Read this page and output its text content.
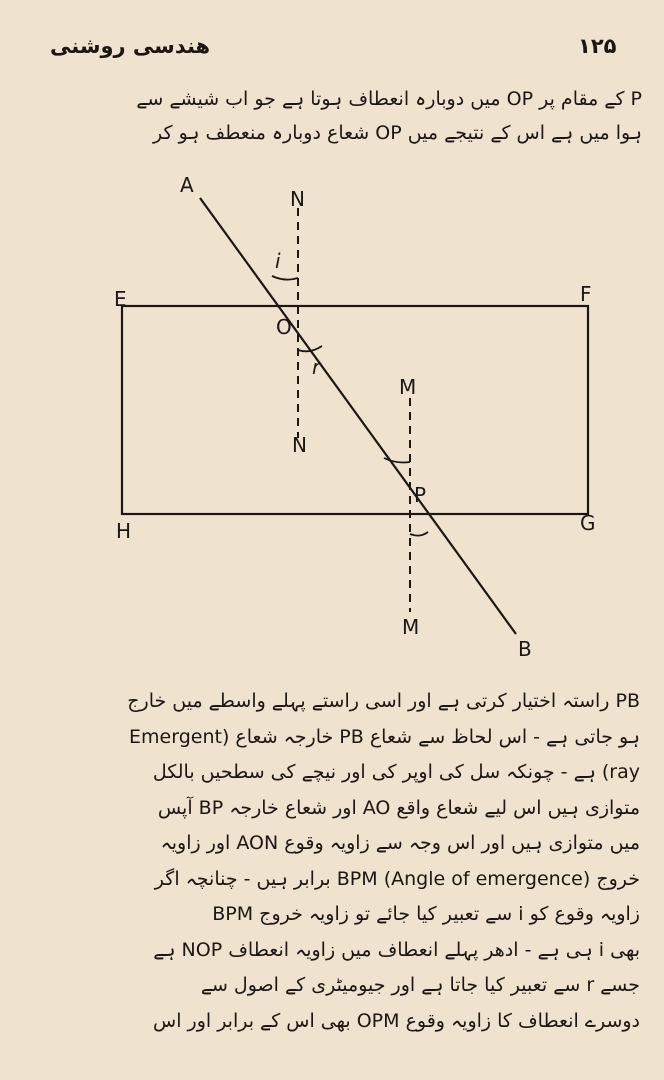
هندسی روشنی	۱۲۵
P کے مقام پر OP میں دوبارہ انعطاف ہوتا ہے جو اب شیشے سے
ہوا میں ہے اس کے نتیجے میں OP شعاع دوبارہ منعطف ہو کر
A
N
i
E	F
O
r
M
N
P
H	G
M
B
PB راستہ اختیار کرتی ہے اور اسی راستے پہلے واسطے میں خارج
ہو جاتی ہے - اس لحاظ سے شعاع PB خارجہ شعاع (Emergent
ray) ہے - چونکہ سل کی اوپر کی اور نیچے کی سطحیں بالکل
متوازی ہیں اس لیے شعاع واقع AO اور شعاع خارجہ BP آپس
میں متوازی ہیں اور اس وجہ سے زاویہ وقوع AON اور زاویہ
خروج BPM (Angle of emergence) برابر ہیں - چنانچہ اگر
زاویہ وقوع کو i سے تعبیر کیا جائے تو زاویہ خروج BPM
بھی i ہی ہے - ادھر پہلے انعطاف میں زاویہ انعطاف NOP ہے
جسے r سے تعبیر کیا جاتا ہے اور جیومیٹری کے اصول سے
دوسرے انعطاف کا زاویہ وقوع OPM بھی اس کے برابر اور اس
